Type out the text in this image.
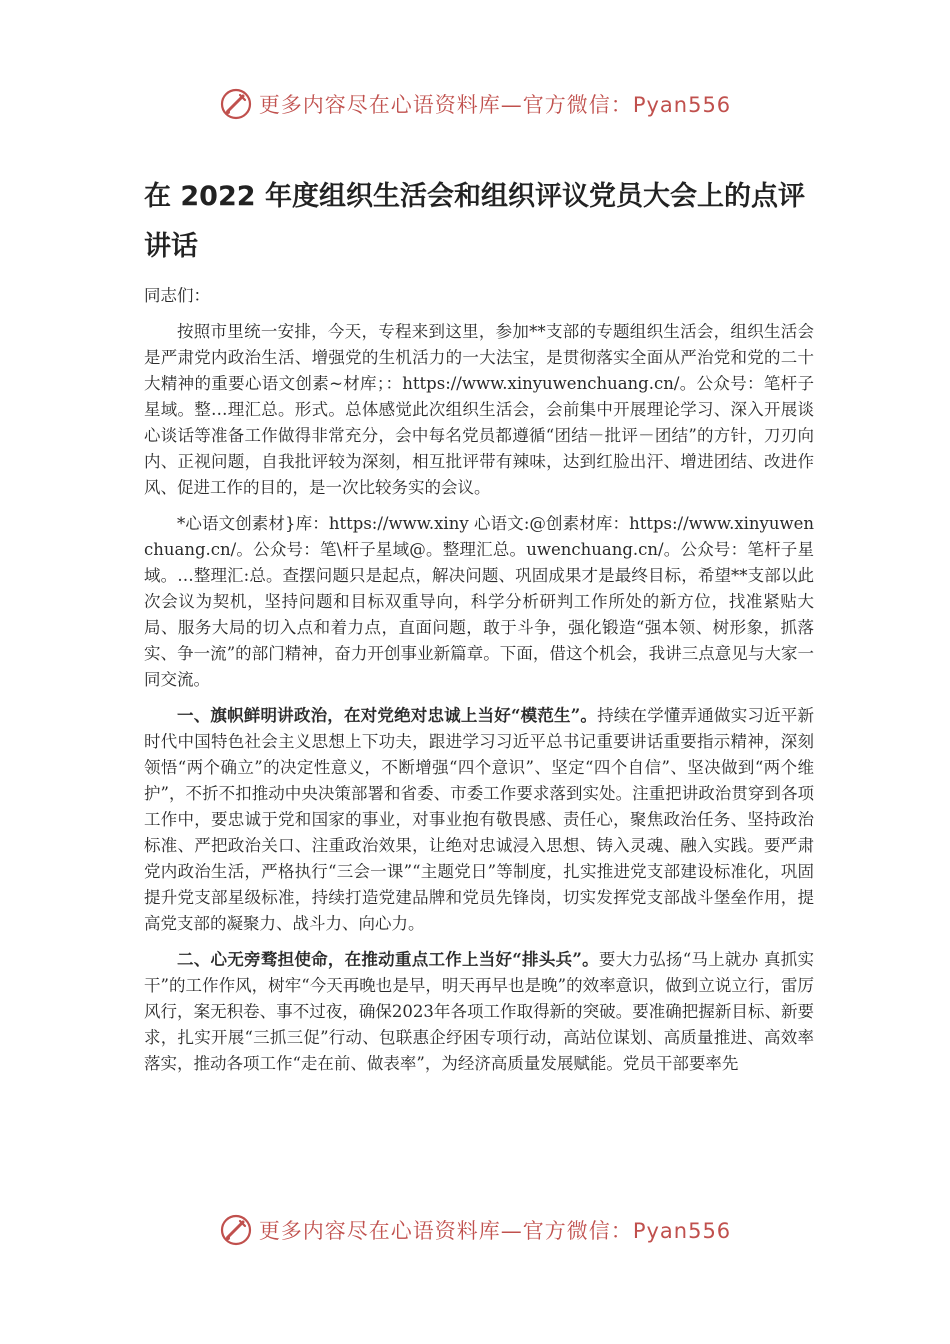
更多内容尽在心语资料库—官方微信：Pyan556
在 2022 年度组织生活会和组织评议党员大会上的点评讲话

同志们：

按照市里统一安排，今天，专程来到这里，参加**支部的专题组织生活会，组织生活会是严肃党内政治生活、增强党的生机活力的一大法宝，是贯彻落实全面从严治党和党的二十大精神的重要心语文创素~材库；：https://www.xinyuwenchuang.cn/。公众号：笔杆子星域。整…理汇总。形式。总体感觉此次组织生活会，会前集中开展理论学习、深入开展谈心谈话等准备工作做得非常充分，会中每名党员都遵循“团结－批评－团结”的方针，刀刃向内、正视问题，自我批评较为深刻，相互批评带有辣味，达到红脸出汗、增进团结、改进作风、促进工作的目的，是一次比较务实的会议。

*心语文创素材}库：https://www.xiny 心语文:@创素材库：https://www.xinyuwenchuang.cn/。公众号：笔\杆子星域@。整理汇总。uwenchuang.cn/。公众号：笔杆子星域。…整理汇:总。查摆问题只是起点，解决问题、巩固成果才是最终目标，希望**支部以此次会议为契机，坚持问题和目标双重导向，科学分析研判工作所处的新方位，找准紧贴大局、服务大局的切入点和着力点，直面问题，敢于斗争，强化锻造“强本领、树形象，抓落实、争一流”的部门精神，奋力开创事业新篇章。下面，借这个机会，我讲三点意见与大家一同交流。

一、旗帜鲜明讲政治，在对党绝对忠诚上当好“模范生”。持续在学懂弄通做实习近平新时代中国特色社会主义思想上下功夫，跟进学习习近平总书记重要讲话重要指示精神，深刻领悟“两个确立”的决定性意义，不断增强“四个意识”、坚定“四个自信”、坚决做到“两个维护”，不折不扣推动中央决策部署和省委、市委工作要求落到实处。注重把讲政治贯穿到各项工作中，要忠诚于党和国家的事业，对事业抱有敬畏感、责任心，聚焦政治任务、坚持政治标准、严把政治关口、注重政治效果，让绝对忠诚浸入思想、铸入灵魂、融入实践。要严肃党内政治生活，严格执行“三会一课”“主题党日”等制度，扎实推进党支部建设标准化，巩固提升党支部星级标准，持续打造党建品牌和党员先锋岗，切实发挥党支部战斗堡垒作用，提高党支部的凝聚力、战斗力、向心力。

二、心无旁骛担使命，在推动重点工作上当好“排头兵”。要大力弘扬“马上就办 真抓实干”的工作作风，树牢“今天再晚也是早，明天再早也是晚”的效率意识，做到立说立行，雷厉风行，案无积卷、事不过夜，确保2023年各项工作取得新的突破。要准确把握新目标、新要求，扎实开展“三抓三促”行动、包联惠企纾困专项行动，高站位谋划、高质量推进、高效率落实，推动各项工作“走在前、做表率”，为经济高质量发展赋能。党员干部要率先

更多内容尽在心语资料库—官方微信：Pyan556
